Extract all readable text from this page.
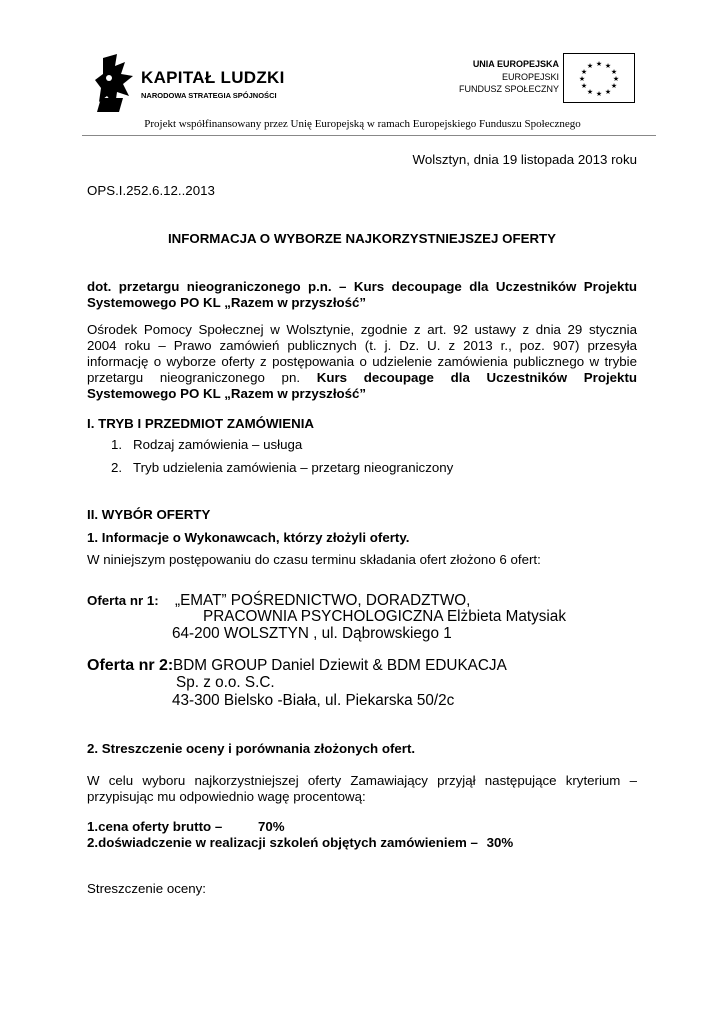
KAPITAŁ LUDZKI
NARODOWA STRATEGIA SPÓJNOŚCI
UNIA EUROPEJSKA
EUROPEJSKI
FUNDUSZ SPOŁECZNY
★ ★
★
★
★
★
★
★
★
★
★
★
Projekt współfinansowany przez Unię Europejską w ramach Europejskiego Funduszu Społecznego
Wolsztyn, dnia 19 listopada 2013 roku
OPS.I.252.6.12..2013
INFORMACJA O WYBORZE NAJKORZYSTNIEJSZEJ OFERTY
dot. przetargu nieograniczonego p.n. – Kurs decoupage dla Uczestników Projektu
Systemowego PO KL „Razem w przyszłość”
Ośrodek Pomocy Społecznej w Wolsztynie, zgodnie z art. 92 ustawy z dnia 29 stycznia
2004 roku – Prawo zamówień publicznych (t. j. Dz. U. z 2013 r., poz. 907) przesyła
informację o wyborze oferty z postępowania o udzielenie zamówienia publicznego w trybie
przetargu nieograniczonego pn. Kurs decoupage dla Uczestników Projektu
Systemowego PO KL „Razem w przyszłość”
I. TRYB I PRZEDMIOT ZAMÓWIENIA
1. Rodzaj zamówienia – usługa
2. Tryb udzielenia zamówienia – przetarg nieograniczony
II. WYBÓR OFERTY
1. Informacje o Wykonawcach, którzy złożyli oferty.
W niniejszym postępowaniu do czasu terminu składania ofert złożono 6 ofert:
Oferta nr 1: „EMAT” POŚREDNICTWO, DORADZTWO,
PRACOWNIA PSYCHOLOGICZNA Elżbieta Matysiak
64-200 WOLSZTYN , ul. Dąbrowskiego 1
Oferta nr 2: BDM GROUP Daniel Dziewit & BDM EDUKACJA
Sp. z o.o. S.C.
43-300 Bielsko -Biała, ul. Piekarska 50/2c
2. Streszczenie oceny i porównania złożonych ofert.
W celu wyboru najkorzystniejszej oferty Zamawiający przyjął następujące kryterium –
przypisując mu odpowiednio wagę procentową:
1.cena oferty brutto –	70%
2.doświadczenie w realizacji szkoleń objętych zamówieniem – 30%
Streszczenie oceny:
